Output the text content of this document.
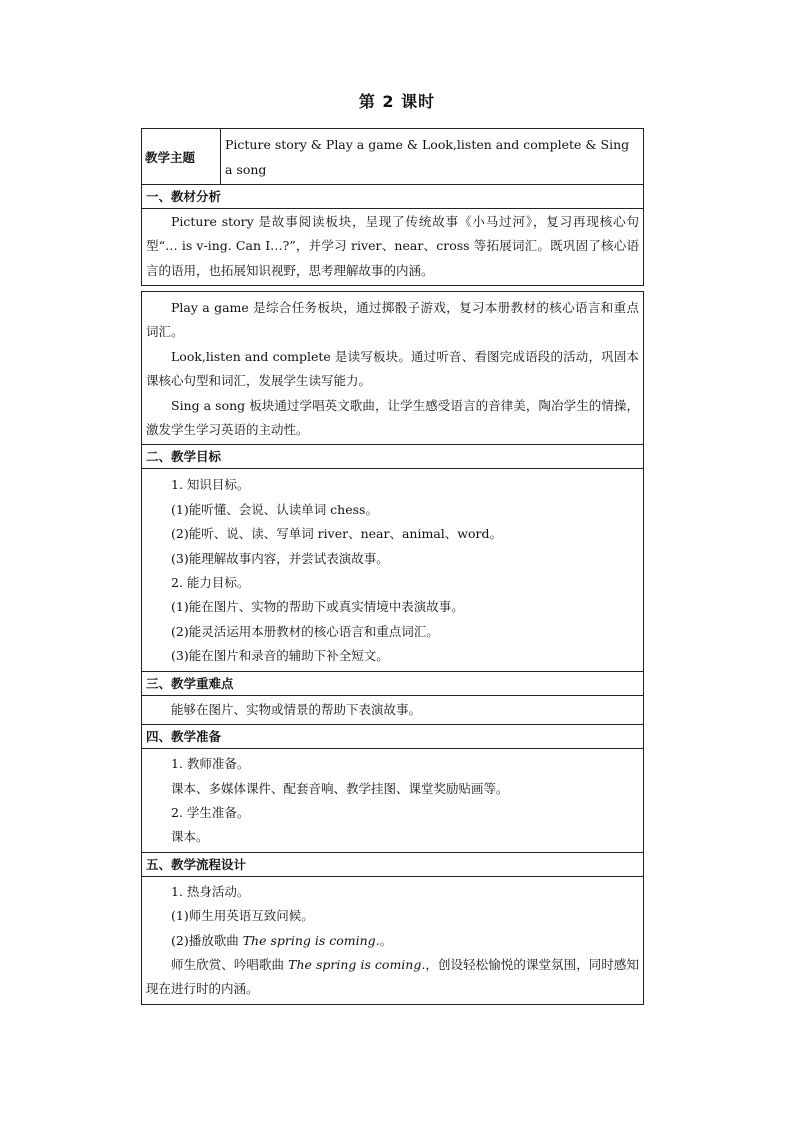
第 2 课时
教学主题
Picture story & Play a game & Look,listen and complete & Sing a song
一、教材分析

Picture story 是故事阅读板块，呈现了传统故事《小马过河》，复习再现核心句型“… is v-ing. Can I…?”，并学习 river、near、cross 等拓展词汇。既巩固了核心语言的语用，也拓展知识视野，思考理解故事的内涵。

Play a game 是综合任务板块，通过掷骰子游戏，复习本册教材的核心语言和重点词汇。

Look,listen and complete 是读写板块。通过听音、看图完成语段的活动，巩固本课核心句型和词汇，发展学生读写能力。

Sing a song 板块通过学唱英文歌曲，让学生感受语言的音律美，陶冶学生的情操，激发学生学习英语的主动性。

二、教学目标

1. 知识目标。

(1)能听懂、会说、认读单词 chess。

(2)能听、说、读、写单词 river、near、animal、word。

(3)能理解故事内容，并尝试表演故事。

2. 能力目标。

(1)能在图片、实物的帮助下或真实情境中表演故事。

(2)能灵活运用本册教材的核心语言和重点词汇。

(3)能在图片和录音的辅助下补全短文。

三、教学重难点

能够在图片、实物或情景的帮助下表演故事。

四、教学准备

1. 教师准备。

课本、多媒体课件、配套音响、教学挂图、课堂奖励贴画等。

2. 学生准备。

课本。

五、教学流程设计

1. 热身活动。

(1)师生用英语互致问候。

(2)播放歌曲 The spring is coming.。

师生欣赏、吟唱歌曲 The spring is coming.，创设轻松愉悦的课堂氛围，同时感知现在进行时的内涵。
